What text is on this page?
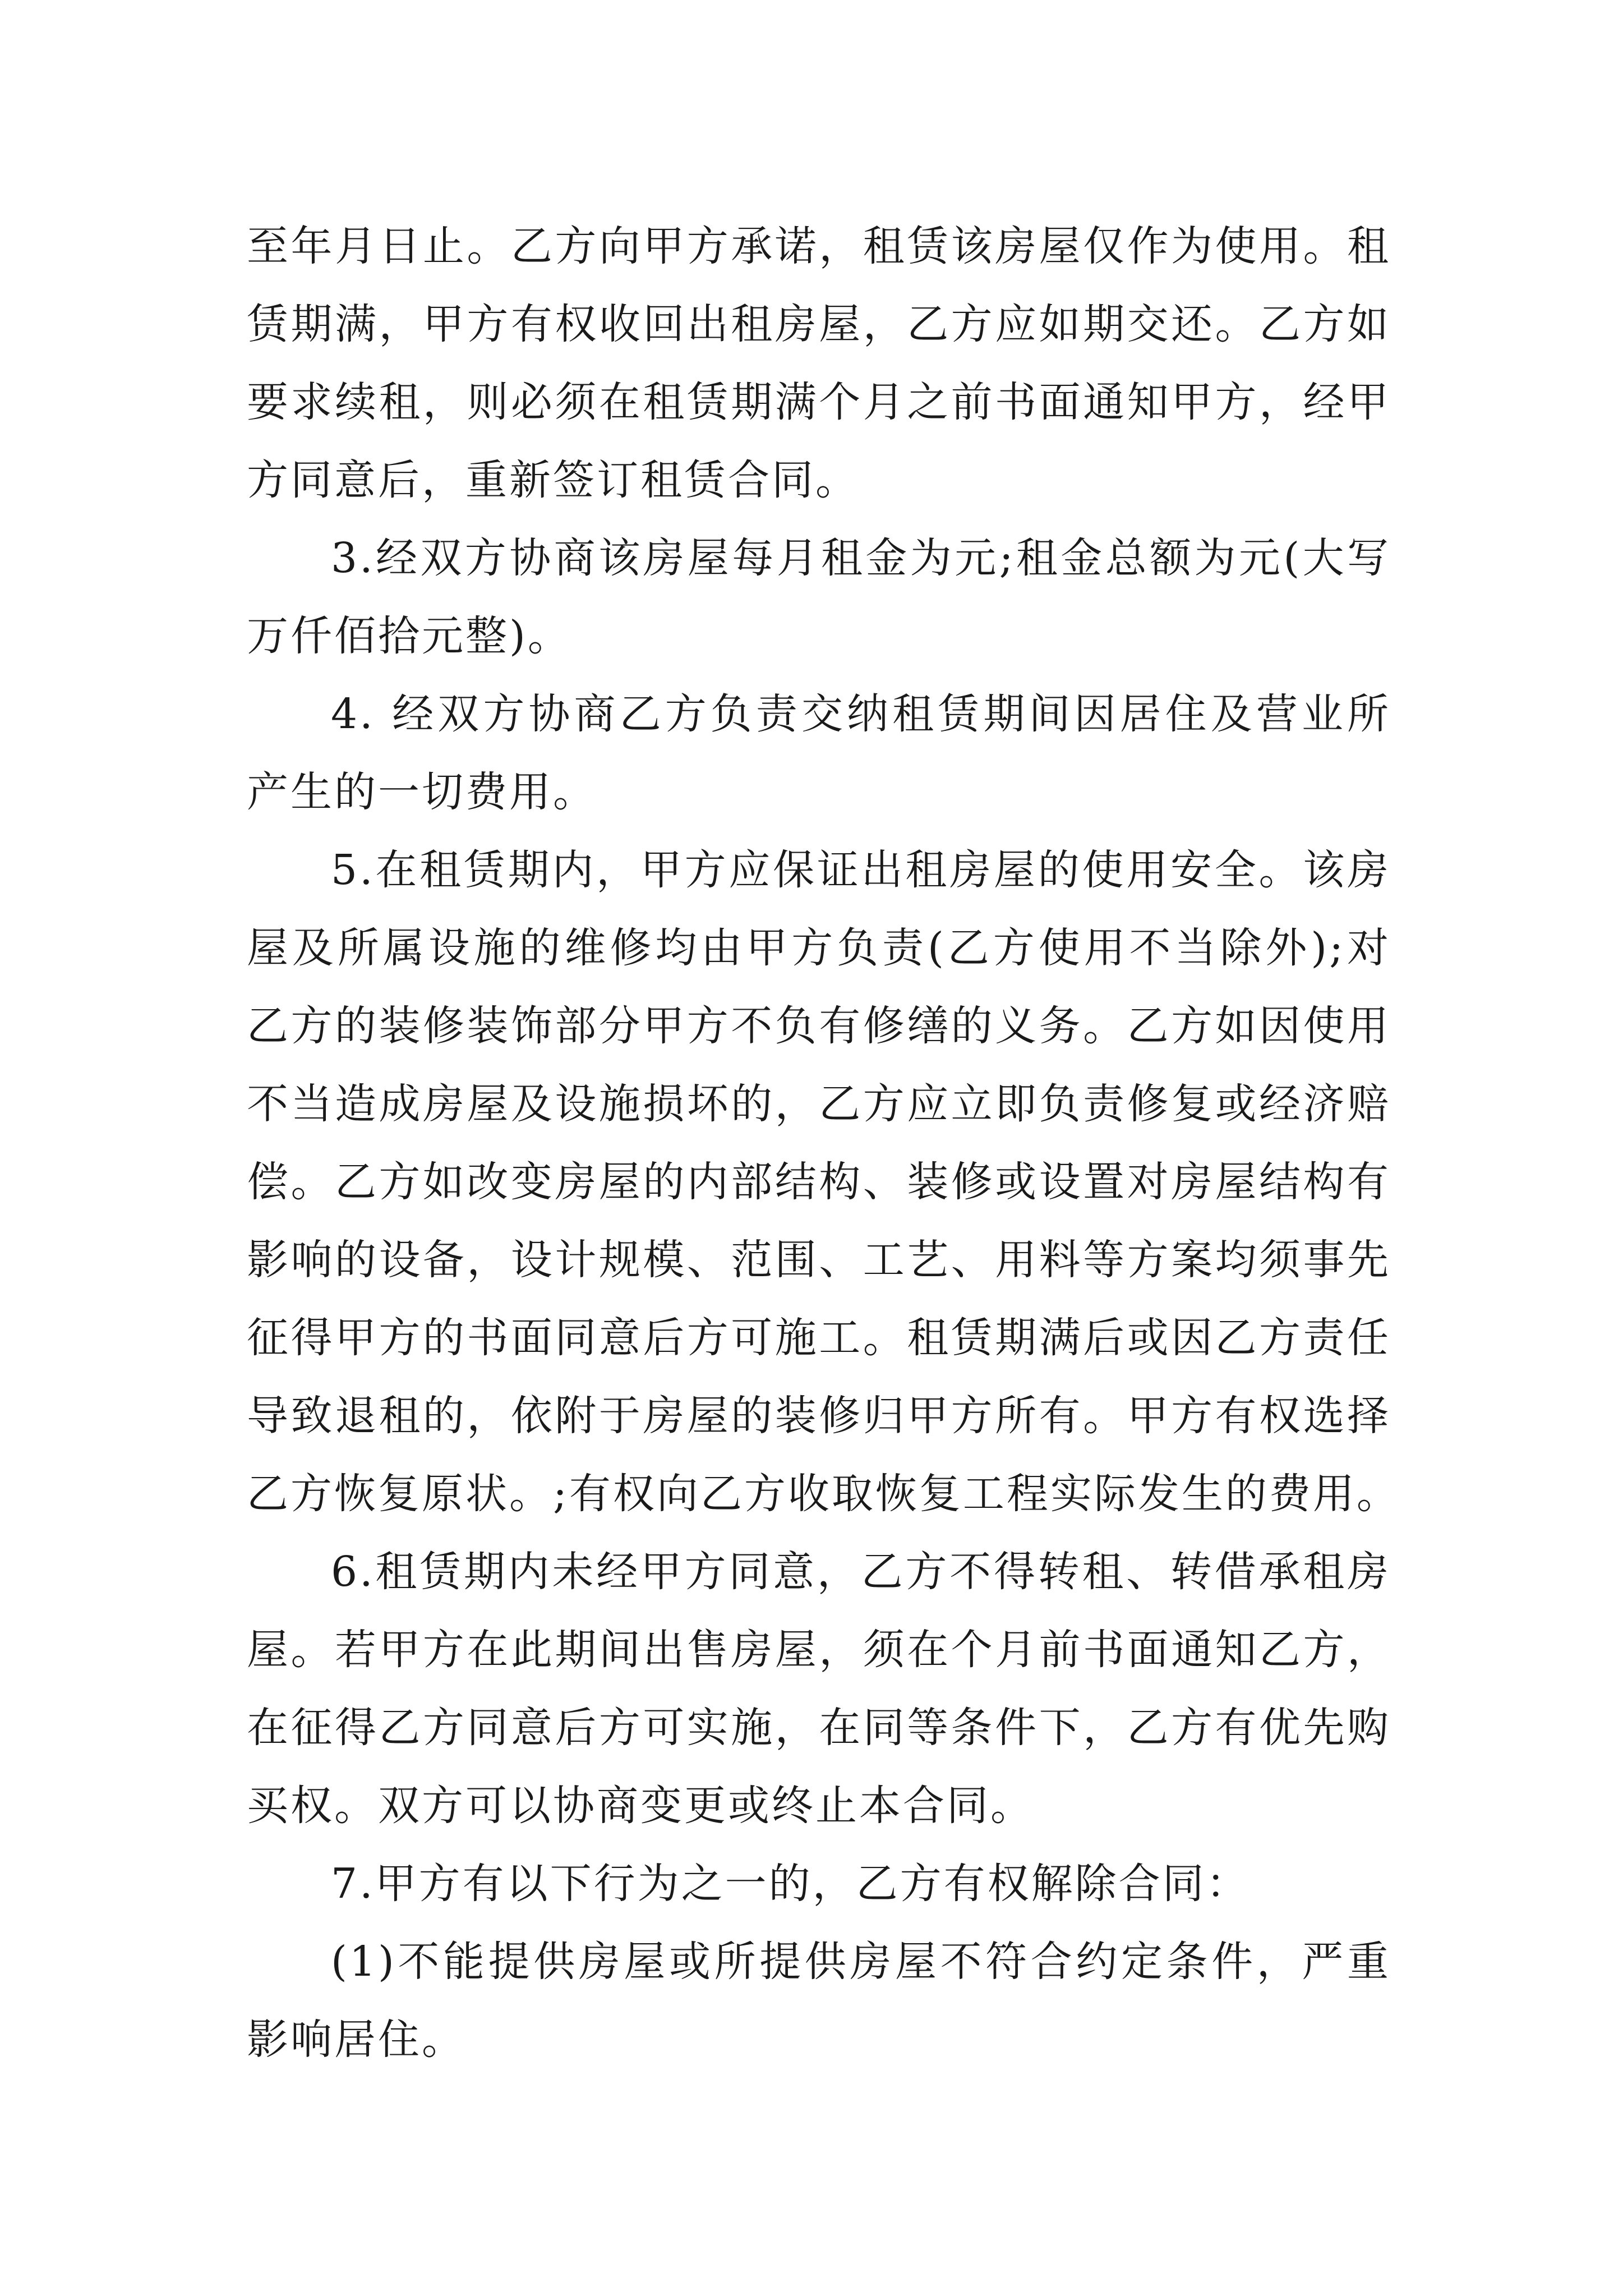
至年月日止。乙方向甲方承诺，租赁该房屋仅作为使用。租
赁期满，甲方有权收回出租房屋，乙方应如期交还。乙方如
要求续租，则必须在租赁期满个月之前书面通知甲方，经甲
方同意后，重新签订租赁合同。

3.经双方协商该房屋每月租金为元;租金总额为元(大写
万仟佰拾元整)。

4. 经双方协商乙方负责交纳租赁期间因居住及营业所
产生的一切费用。

5.在租赁期内，甲方应保证出租房屋的使用安全。该房
屋及所属设施的维修均由甲方负责(乙方使用不当除外);对
乙方的装修装饰部分甲方不负有修缮的义务。乙方如因使用
不当造成房屋及设施损坏的，乙方应立即负责修复或经济赔
偿。乙方如改变房屋的内部结构、装修或设置对房屋结构有
影响的设备，设计规模、范围、工艺、用料等方案均须事先
征得甲方的书面同意后方可施工。租赁期满后或因乙方责任
导致退租的，依附于房屋的装修归甲方所有。甲方有权选择
乙方恢复原状。;有权向乙方收取恢复工程实际发生的费用。

6.租赁期内未经甲方同意，乙方不得转租、转借承租房
屋。若甲方在此期间出售房屋，须在个月前书面通知乙方，
在征得乙方同意后方可实施，在同等条件下，乙方有优先购
买权。双方可以协商变更或终止本合同。

7.甲方有以下行为之一的，乙方有权解除合同：

(1)不能提供房屋或所提供房屋不符合约定条件，严重
影响居住。
